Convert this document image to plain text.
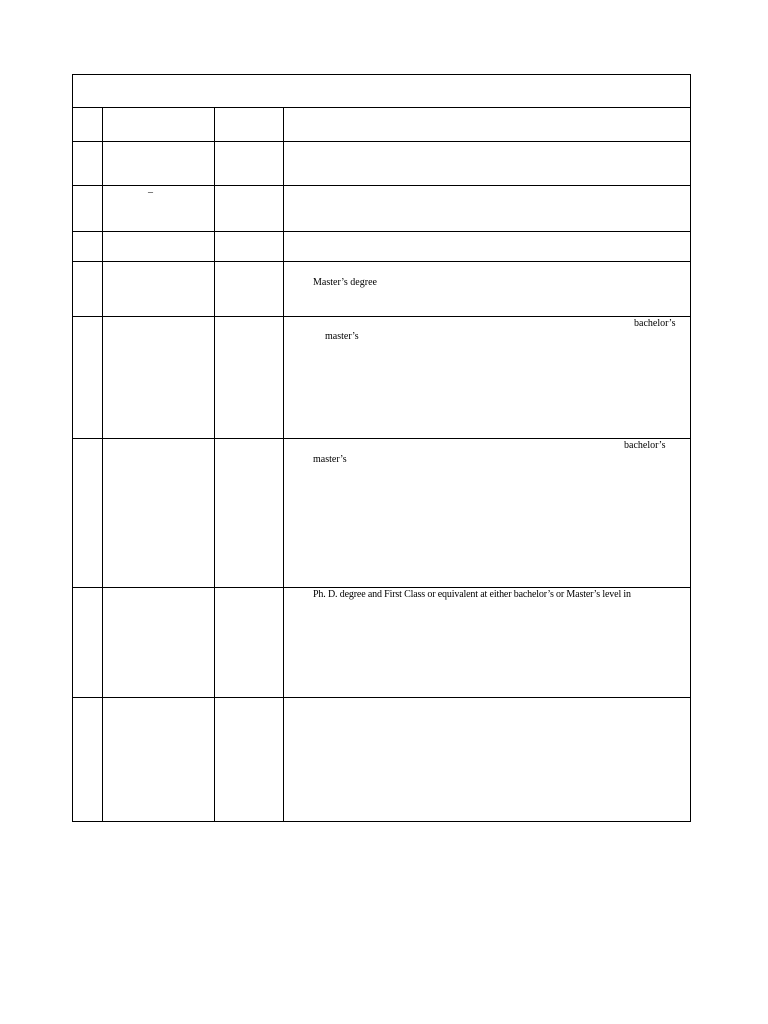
–
Master’s degree
bachelor’s
master’s
bachelor’s
master’s
Ph. D. degree and First Class or equivalent at either bachelor’s or Master’s level in
